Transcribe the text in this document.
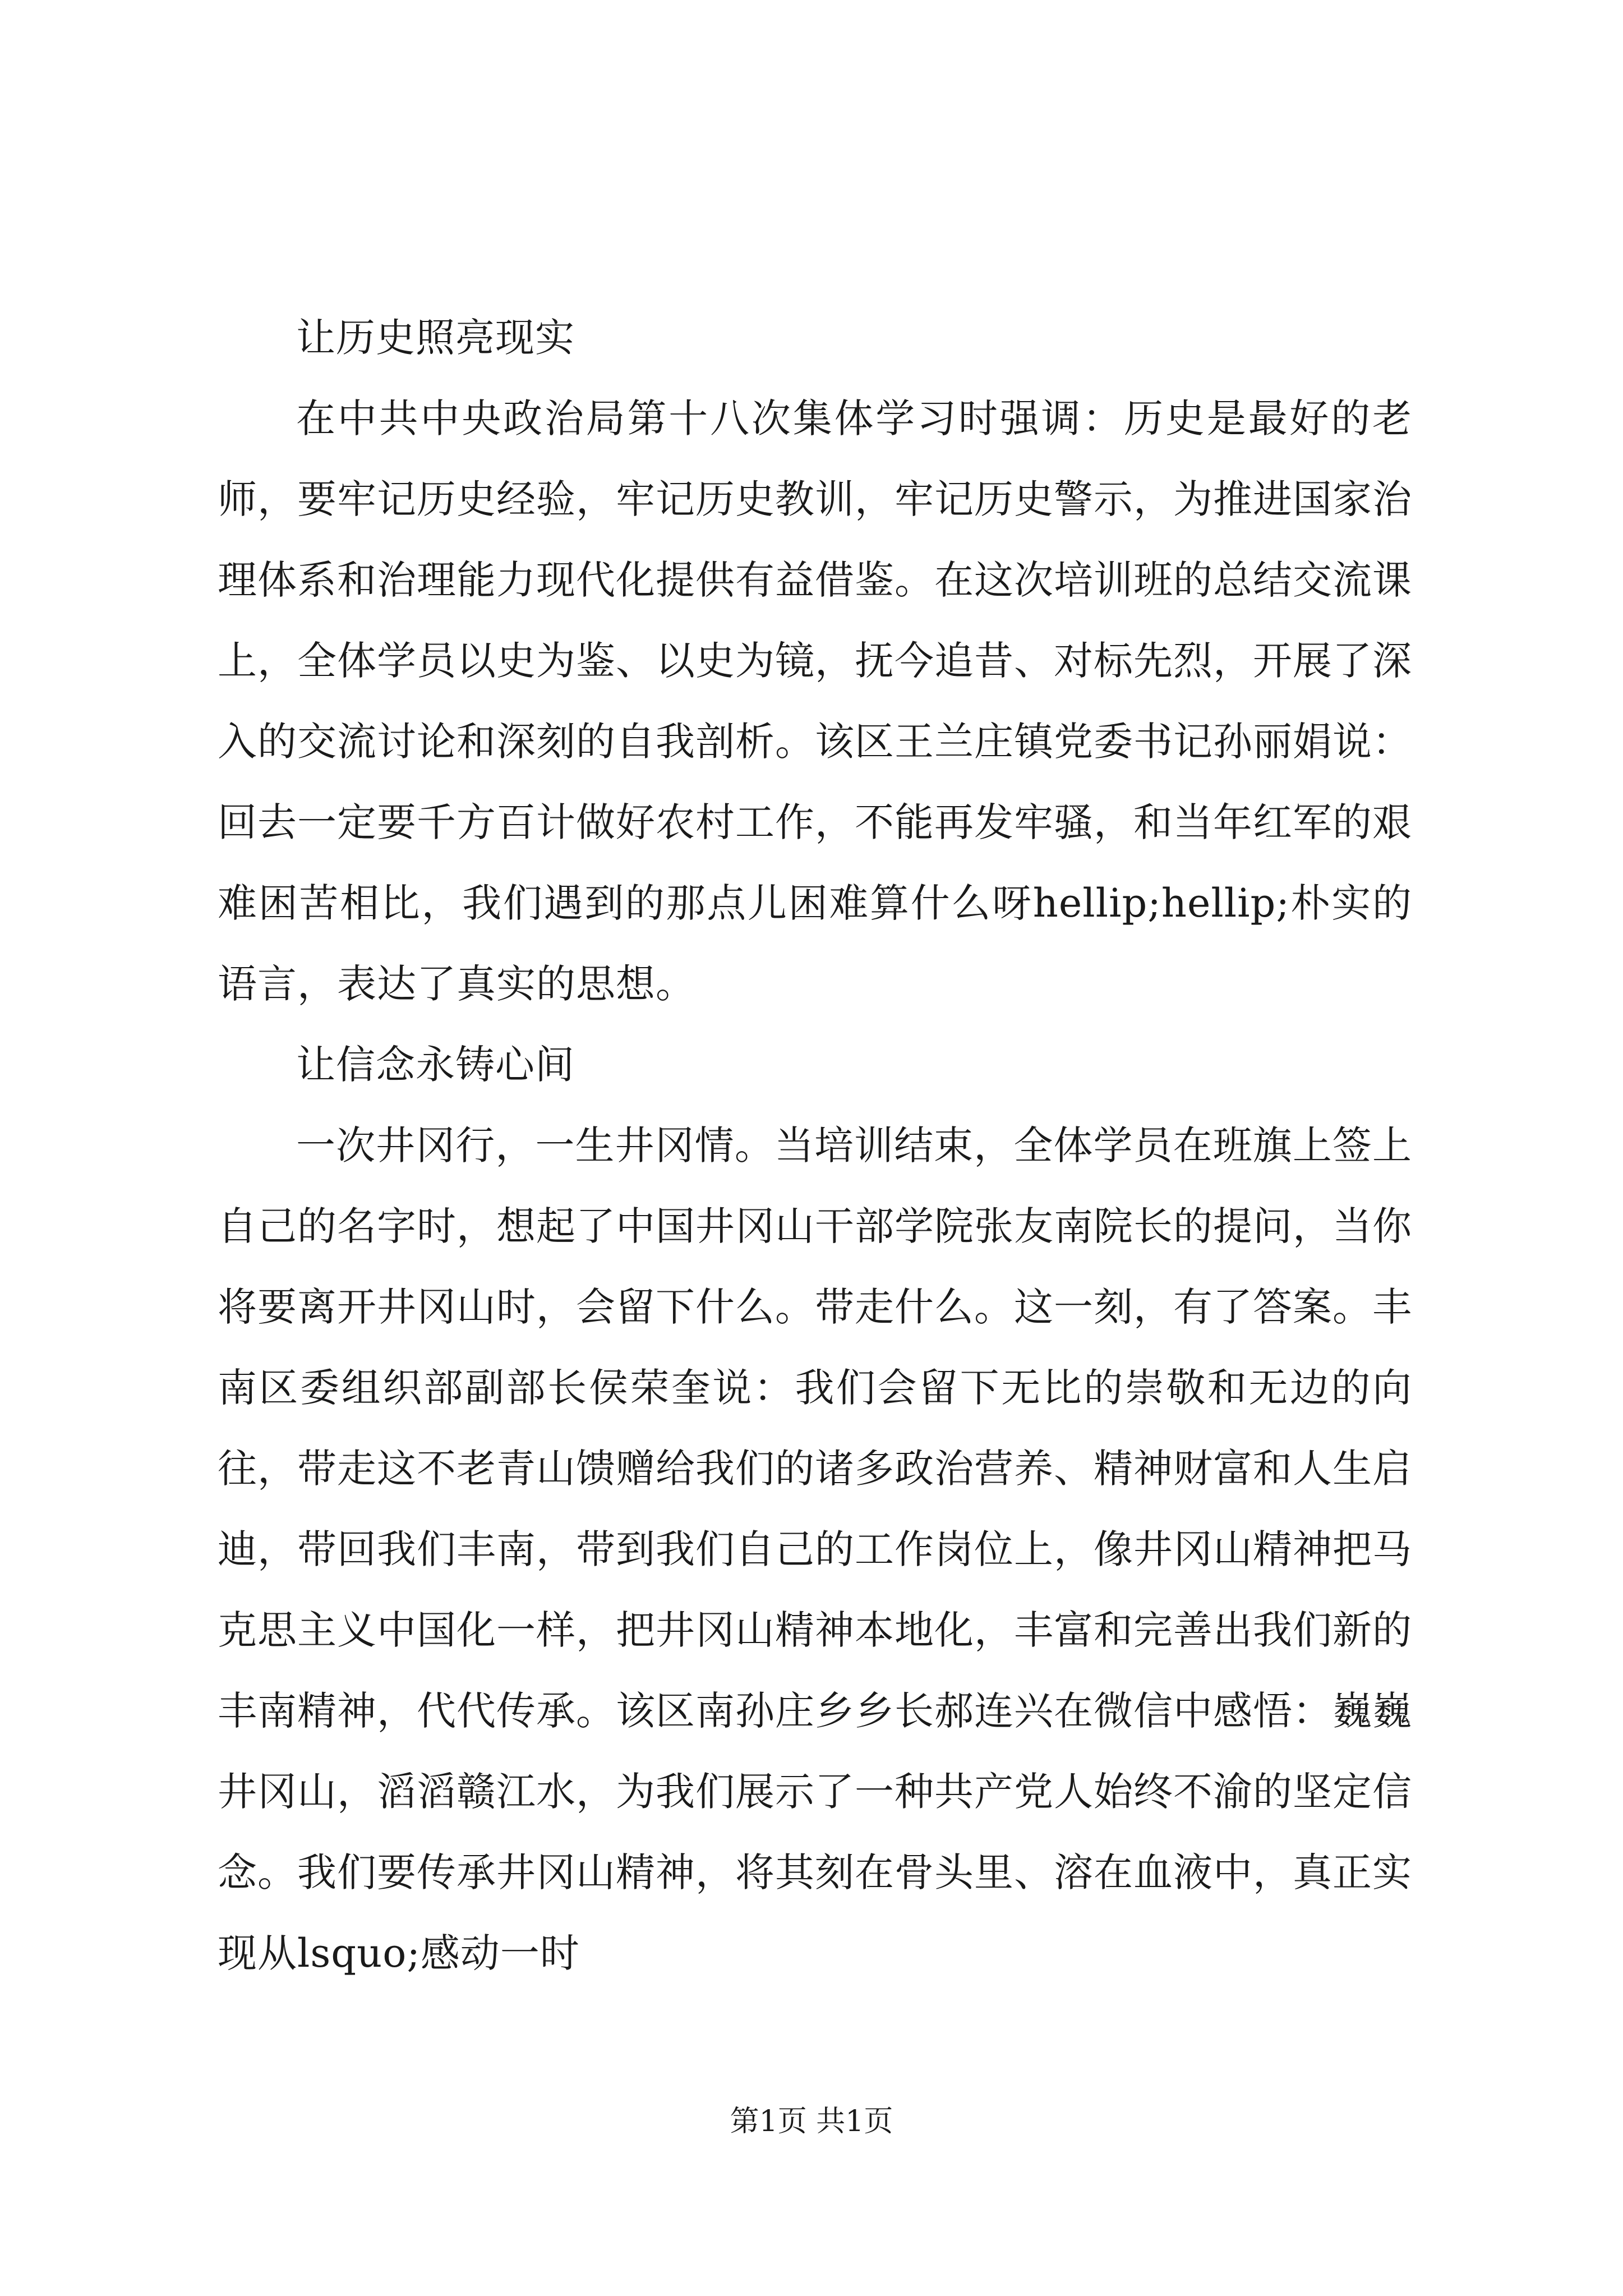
让历史照亮现实

在中共中央政治局第十八次集体学习时强调：历史是最好的老师，要牢记历史经验，牢记历史教训，牢记历史警示，为推进国家治理体系和治理能力现代化提供有益借鉴。在这次培训班的总结交流课上，全体学员以史为鉴、以史为镜，抚今追昔、对标先烈，开展了深入的交流讨论和深刻的自我剖析。该区王兰庄镇党委书记孙丽娟说：回去一定要千方百计做好农村工作，不能再发牢骚，和当年红军的艰难困苦相比，我们遇到的那点儿困难算什么呀hellip;hellip;朴实的语言，表达了真实的思想。

让信念永铸心间

一次井冈行，一生井冈情。当培训结束，全体学员在班旗上签上自己的名字时，想起了中国井冈山干部学院张友南院长的提问，当你将要离开井冈山时，会留下什么。带走什么。这一刻，有了答案。丰南区委组织部副部长侯荣奎说：我们会留下无比的崇敬和无边的向往，带走这不老青山馈赠给我们的诸多政治营养、精神财富和人生启迪，带回我们丰南，带到我们自己的工作岗位上，像井冈山精神把马克思主义中国化一样，把井冈山精神本地化，丰富和完善出我们新的丰南精神，代代传承。该区南孙庄乡乡长郝连兴在微信中感悟：巍巍井冈山，滔滔赣江水，为我们展示了一种共产党人始终不渝的坚定信念。我们要传承井冈山精神，将其刻在骨头里、溶在血液中，真正实现从lsquo;感动一时

第1页 共1页
